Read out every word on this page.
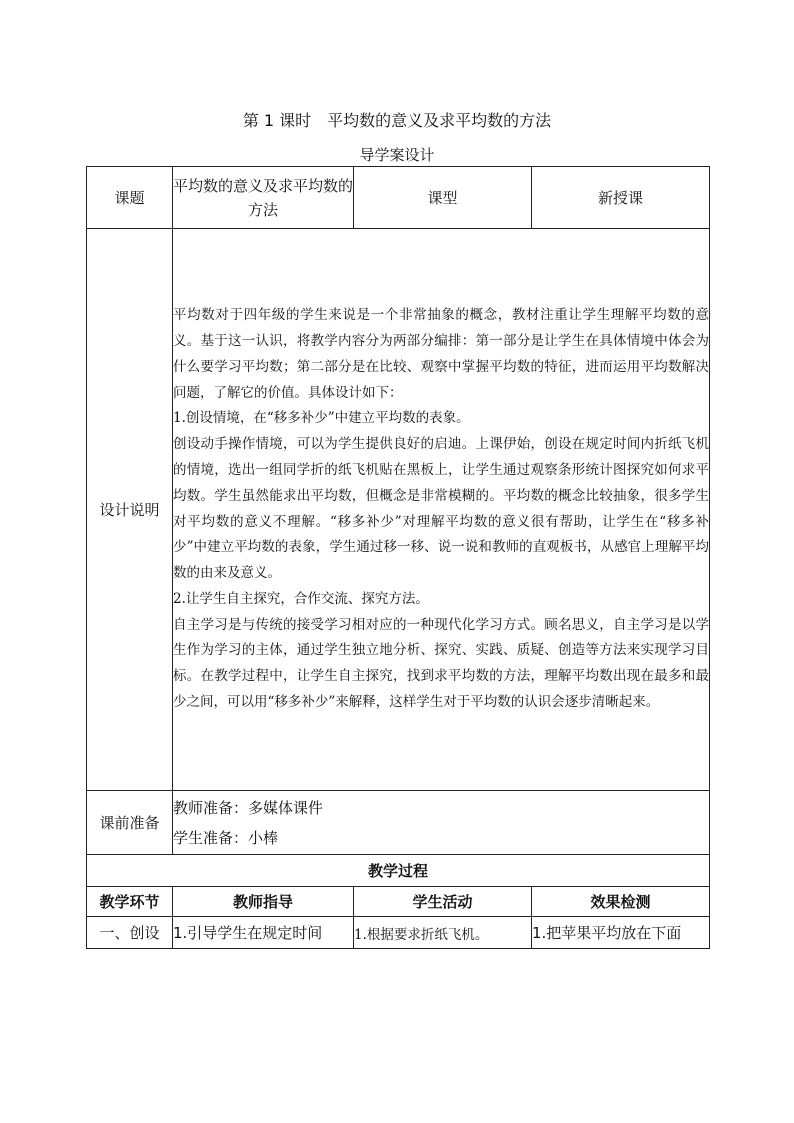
第 1 课时　平均数的意义及求平均数的方法
导学案设计
课题	平均数的意义及求平均数的方法	课型	新授课
设计说明	平均数对于四年级的学生来说是一个非常抽象的概念，教材注重让学生理解平均数的意义。基于这一认识，将教学内容分为两部分编排：第一部分是让学生在具体情境中体会为什么要学习平均数；第二部分是在比较、观察中掌握平均数的特征，进而运用平均数解决问题，了解它的价值。具体设计如下：

1.创设情境，在“移多补少”中建立平均数的表象。

创设动手操作情境，可以为学生提供良好的启迪。上课伊始，创设在规定时间内折纸飞机的情境，选出一组同学折的纸飞机贴在黑板上，让学生通过观察条形统计图探究如何求平均数。学生虽然能求出平均数，但概念是非常模糊的。平均数的概念比较抽象，很多学生对平均数的意义不理解。“移多补少”对理解平均数的意义很有帮助，让学生在“移多补少”中建立平均数的表象，学生通过移一移、说一说和教师的直观板书，从感官上理解平均数的由来及意义。

2.让学生自主探究，合作交流、探究方法。

自主学习是与传统的接受学习相对应的一种现代化学习方式。顾名思义，自主学习是以学生作为学习的主体，通过学生独立地分析、探究、实践、质疑、创造等方法来实现学习目标。在教学过程中，让学生自主探究，找到求平均数的方法，理解平均数出现在最多和最少之间，可以用“移多补少”来解释，这样学生对于平均数的认识会逐步清晰起来。		

课前准备	教师准备：多媒体课件
学生准备：小棒		

教学过程			
教学环节	教师指导	学生活动	效果检测
一、创设	1.引导学生在规定时间	1.根据要求折纸飞机。	1.把苹果平均放在下面
